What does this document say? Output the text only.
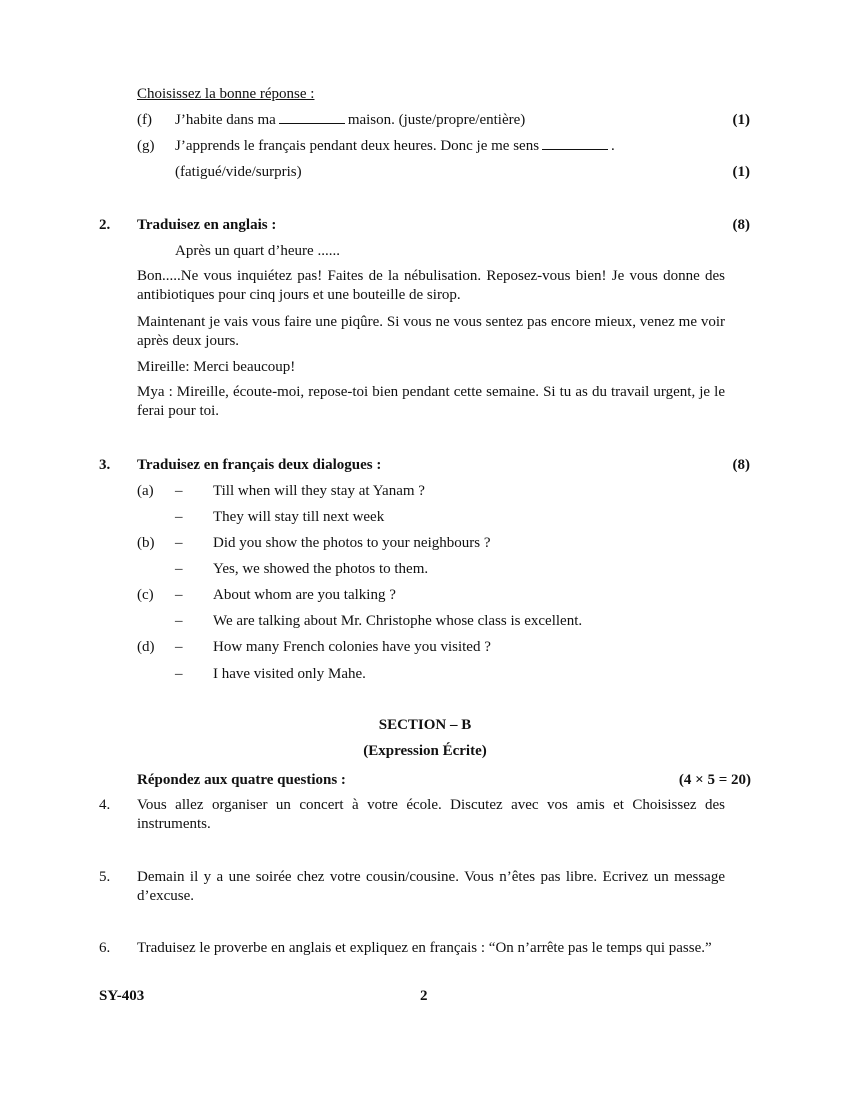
Choisissez la bonne réponse :
(f) J’habite dans ma	maison. (juste/propre/entière)	(1)
(g) J’apprends le français pendant deux heures. Donc je me sens	.
(fatigué/vide/surpris)	(1)
2. Traduisez en anglais :	(8)
Après un quart d’heure ......
Bon.....Ne vous inquiétez pas! Faites de la nébulisation. Reposez-vous bien! Je vous donne des antibiotiques pour cinq jours et une bouteille de sirop.
Maintenant je vais vous faire une piqûre. Si vous ne vous sentez pas encore mieux, venez me voir après deux jours.
Mireille: Merci beaucoup!
Mya : Mireille, écoute-moi, repose-toi bien pendant cette semaine. Si tu as du travail urgent, je le ferai pour toi.
3. Traduisez en français deux dialogues :	(8)
(a) – Till when will they stay at Yanam ?
– They will stay till next week
(b) – Did you show the photos to your neighbours ?
– Yes, we showed the photos to them.
(c) – About whom are you talking ?
– We are talking about Mr. Christophe whose class is excellent.
(d) – How many French colonies have you visited ?
– I have visited only Mahe.
SECTION – B
(Expression Écrite)
Répondez aux quatre questions :	(4 × 5 = 20)
4. Vous allez organiser un concert à votre école. Discutez avec vos amis et Choisissez des instruments.
5. Demain il y a une soirée chez votre cousin/cousine. Vous n’êtes pas libre. Ecrivez un message d’excuse.
6. Traduisez le proverbe en anglais et expliquez en français : “On n’arrête pas le temps qui passe.”
SY-403	2
